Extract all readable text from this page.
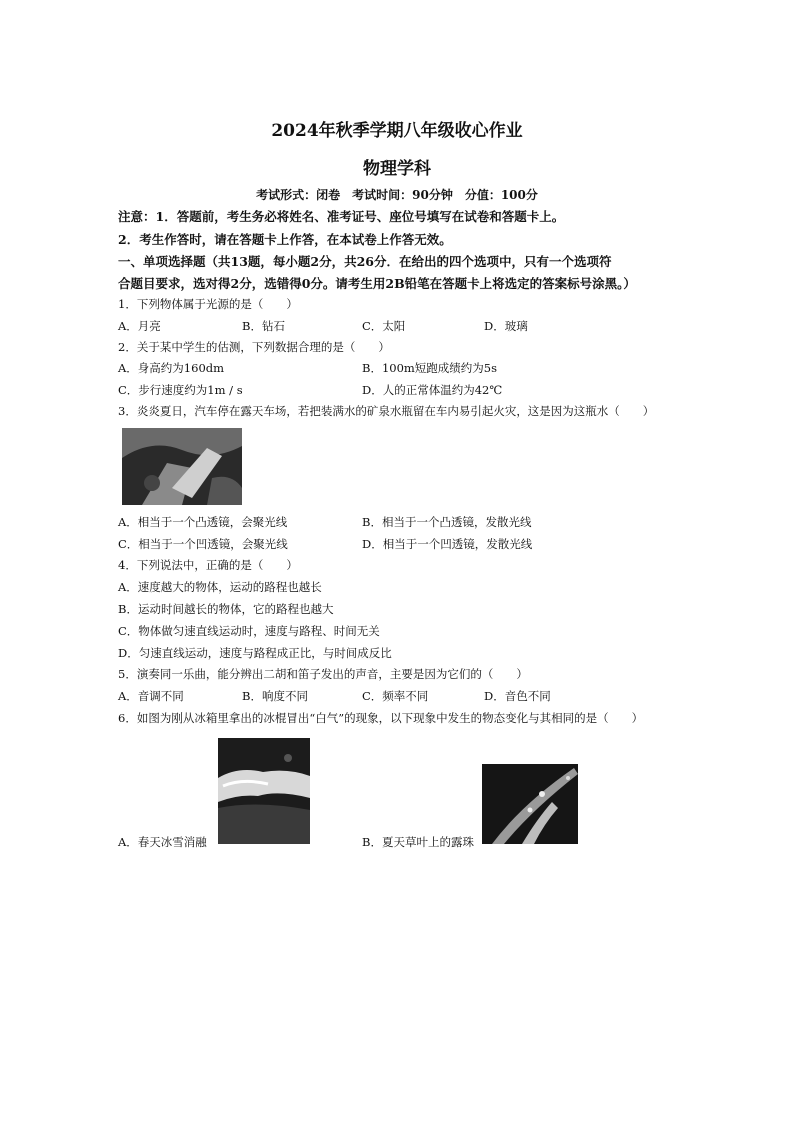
2024年秋季学期八年级收心作业
物理学科
考试形式：闭卷　考试时间：90分钟　分值：100分
注意：1．答题前，考生务必将姓名、准考证号、座位号填写在试卷和答题卡上。
2．考生作答时，请在答题卡上作答，在本试卷上作答无效。
一、单项选择题（共13题，每小题2分，共26分．在给出的四个选项中，只有一个选项符
合题目要求，选对得2分，选错得0分。请考生用2B铅笔在答题卡上将选定的答案标号涂黑。）
1．下列物体属于光源的是（　　）
A．月亮	B．钻石	C．太阳	D．玻璃
2．关于某中学生的估测，下列数据合理的是（　　）
A．身高约为160dm	B．100m短跑成绩约为5s
C．步行速度约为1m / s	D．人的正常体温约为42℃
3．炎炎夏日，汽车停在露天车场，若把装满水的矿泉水瓶留在车内易引起火灾，这是因为这瓶水（　　）
A．相当于一个凸透镜，会聚光线	B．相当于一个凸透镜，发散光线
C．相当于一个凹透镜，会聚光线	D．相当于一个凹透镜，发散光线
4．下列说法中，正确的是（　　）
A．速度越大的物体，运动的路程也越长
B．运动时间越长的物体，它的路程也越大
C．物体做匀速直线运动时，速度与路程、时间无关
D．匀速直线运动，速度与路程成正比，与时间成反比
5．演奏同一乐曲，能分辨出二胡和笛子发出的声音，主要是因为它们的（　　）
A．音调不同	B．响度不同	C．频率不同	D．音色不同
6．如图为刚从冰箱里拿出的冰棍冒出“白气”的现象，以下现象中发生的物态变化与其相同的是（　　）
A．春天冰雪消融	B．夏天草叶上的露珠
